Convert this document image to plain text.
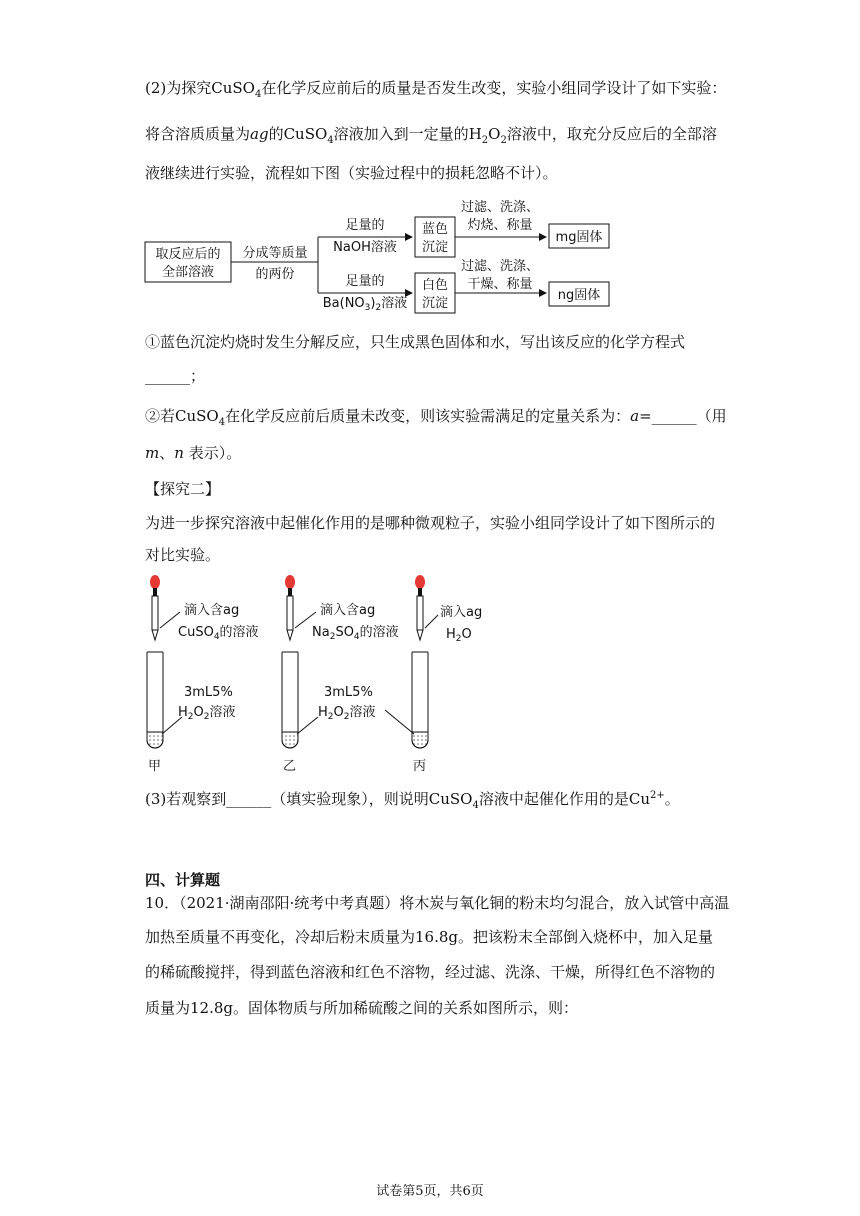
(2)为探究CuSO$_4$在化学反应前后的质量是否发生改变，实验小组同学设计了如下实验：
将含溶质质量为ag的CuSO$_4$溶液加入到一定量的$H_2O_2$溶液中，取充分反应后的全部溶
液继续进行实验，流程如下图（实验过程中的损耗忽略不计）。
取反应后的
全部溶液
分成等质量
的两份
足量的
NaOH溶液
足量的
$Ba(NO_3)_2$溶液
蓝色
沉淀
白色
沉淀
过滤、洗涤、
灼烧、称量
过滤、洗涤、
干燥、称量
mg固体
ng固体
①蓝色沉淀灼烧时发生分解反应，只生成黑色固体和水，写出该反应的化学方程式
______；
②若CuSO$_4$在化学反应前后质量未改变，则该实验需满足的定量关系为：a=______（用
m、n 表示）。
【探究二】
为进一步探究溶液中起催化作用的是哪种微观粒子，实验小组同学设计了如下图所示的
对比实验。
滴入含ag
CuSO$_4$的溶液
3mL5%
$H_2O_2$溶液
甲
滴入含ag
$Na_2SO_4$的溶液
3mL5%
$H_2O_2$溶液
乙
滴入ag
$H_2O$
丙
(3)若观察到______（填实验现象），则说明CuSO$_4$溶液中起催化作用的是$Cu^{2+}$。
四、计算题
10．（2021·湖南邵阳·统考中考真题）将木炭与氧化铜的粉末均匀混合，放入试管中高温
加热至质量不再变化，冷却后粉末质量为16.8g。把该粉末全部倒入烧杯中，加入足量
的稀硫酸搅拌，得到蓝色溶液和红色不溶物，经过滤、洗涤、干燥，所得红色不溶物的
质量为12.8g。固体物质与所加稀硫酸之间的关系如图所示，则：
试卷第5页，共6页
